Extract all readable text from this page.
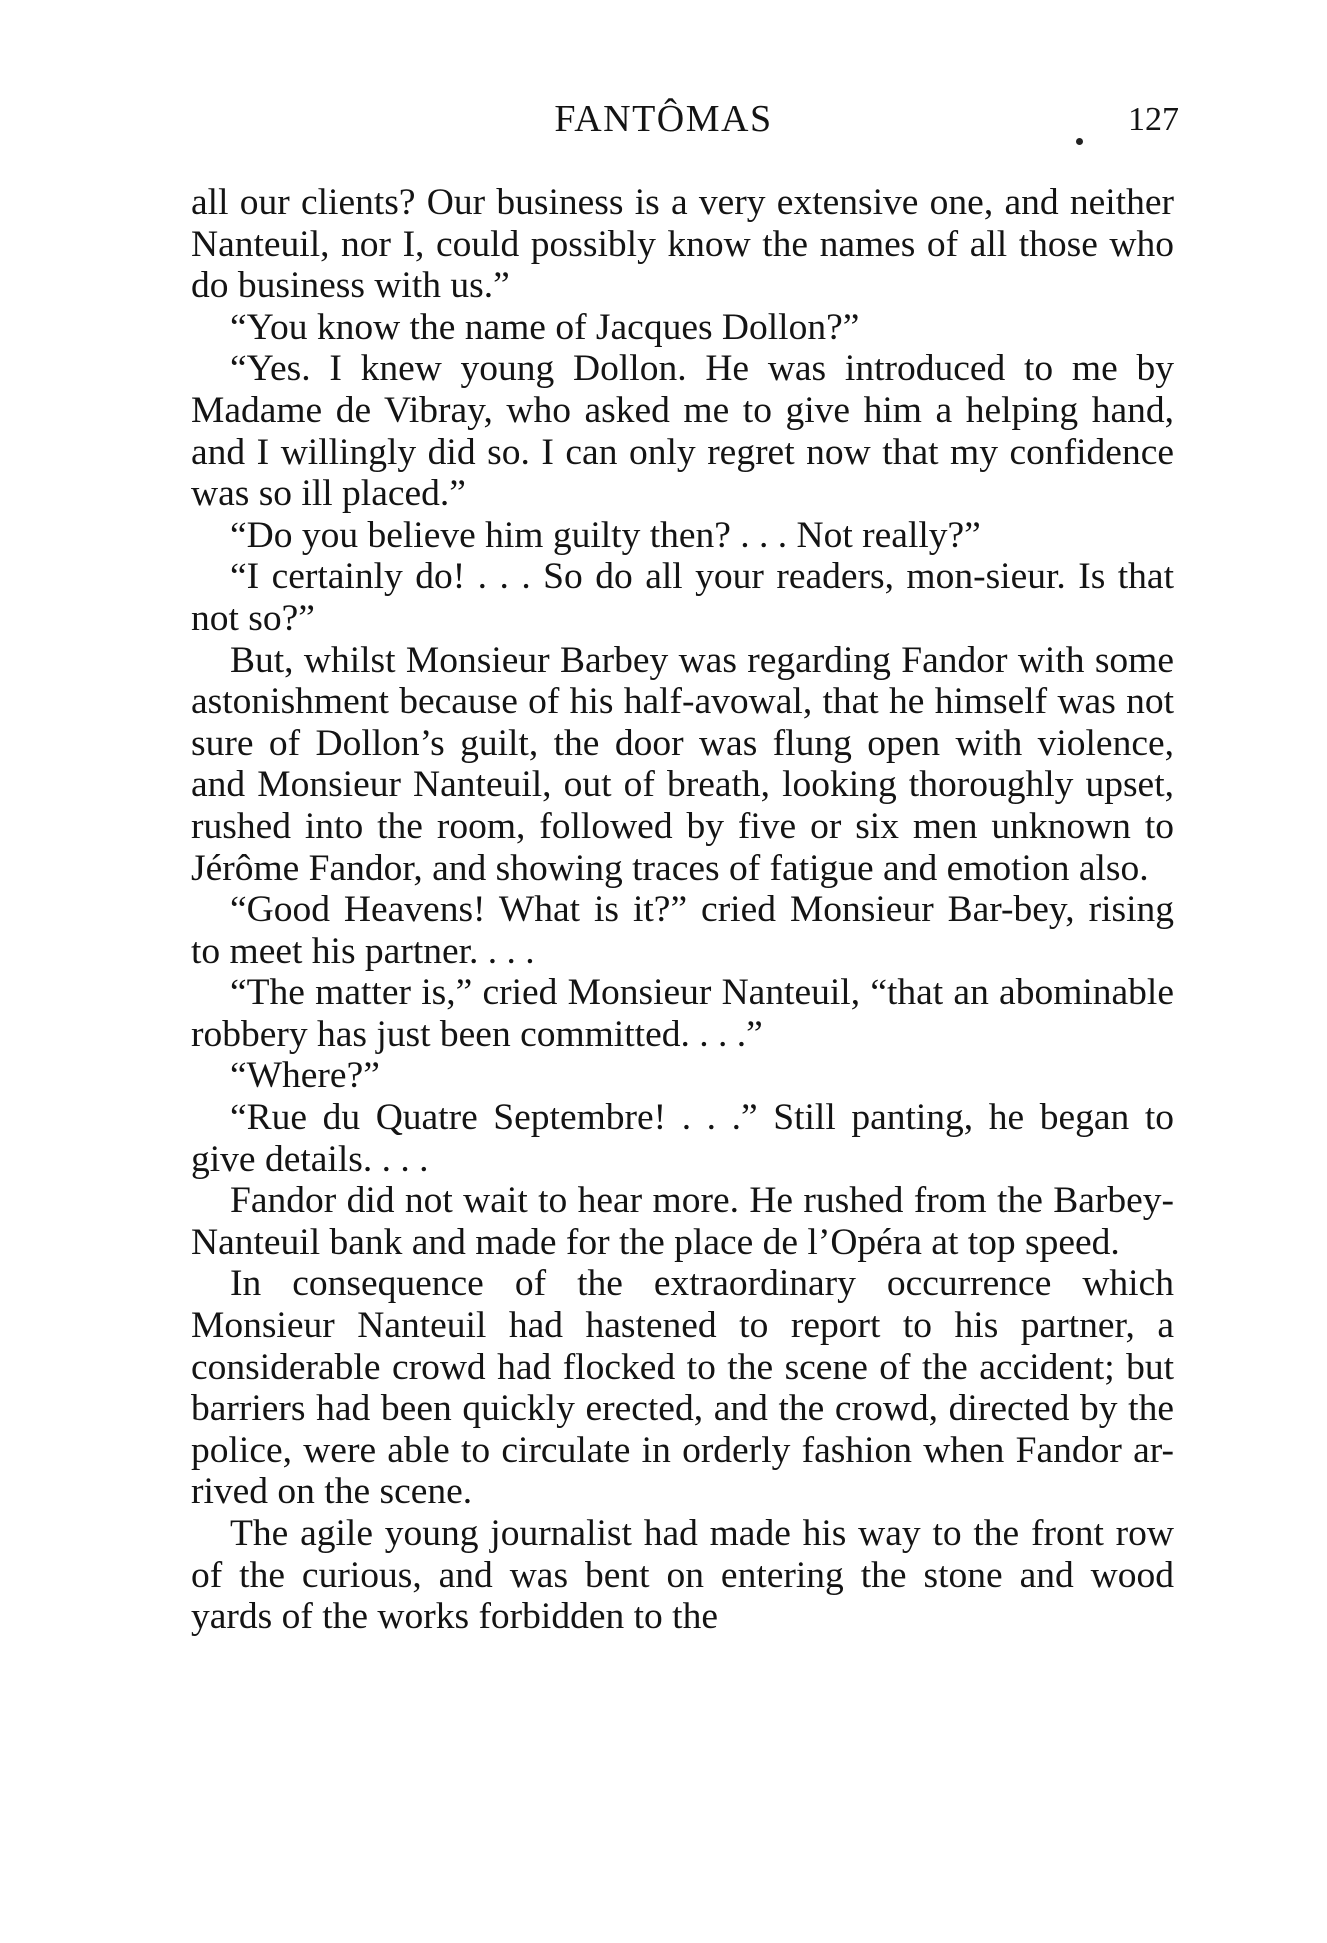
FANTÔMAS	127

all our clients? Our business is a very extensive one, and neither Nanteuil, nor I, could possibly know the names of all those who do business with us.”

“You know the name of Jacques Dollon?”

“Yes. I knew young Dollon. He was introduced to me by Madame de Vibray, who asked me to give him a helping hand, and I willingly did so. I can only regret now that my confidence was so ill placed.”

“Do you believe him guilty then? . . . Not really?”

“I certainly do! . . . So do all your readers, mon-sieur. Is that not so?”

But, whilst Monsieur Barbey was regarding Fandor with some astonishment because of his half-avowal, that he himself was not sure of Dollon’s guilt, the door was flung open with violence, and Monsieur Nanteuil, out of breath, looking thoroughly upset, rushed into the room, followed by five or six men unknown to Jérôme Fandor, and showing traces of fatigue and emotion also.

“Good Heavens! What is it?” cried Monsieur Bar-bey, rising to meet his partner. . . .

“The matter is,” cried Monsieur Nanteuil, “that an abominable robbery has just been committed. . . .”

“Where?”

“Rue du Quatre Septembre! . . .” Still panting, he began to give details. . . .

Fandor did not wait to hear more. He rushed from the Barbey-Nanteuil bank and made for the place de l’Opéra at top speed.

In consequence of the extraordinary occurrence which Monsieur Nanteuil had hastened to report to his partner, a considerable crowd had flocked to the scene of the accident; but barriers had been quickly erected, and the crowd, directed by the police, were able to circulate in orderly fashion when Fandor ar-rived on the scene.

The agile young journalist had made his way to the front row of the curious, and was bent on entering the stone and wood yards of the works forbidden to the
